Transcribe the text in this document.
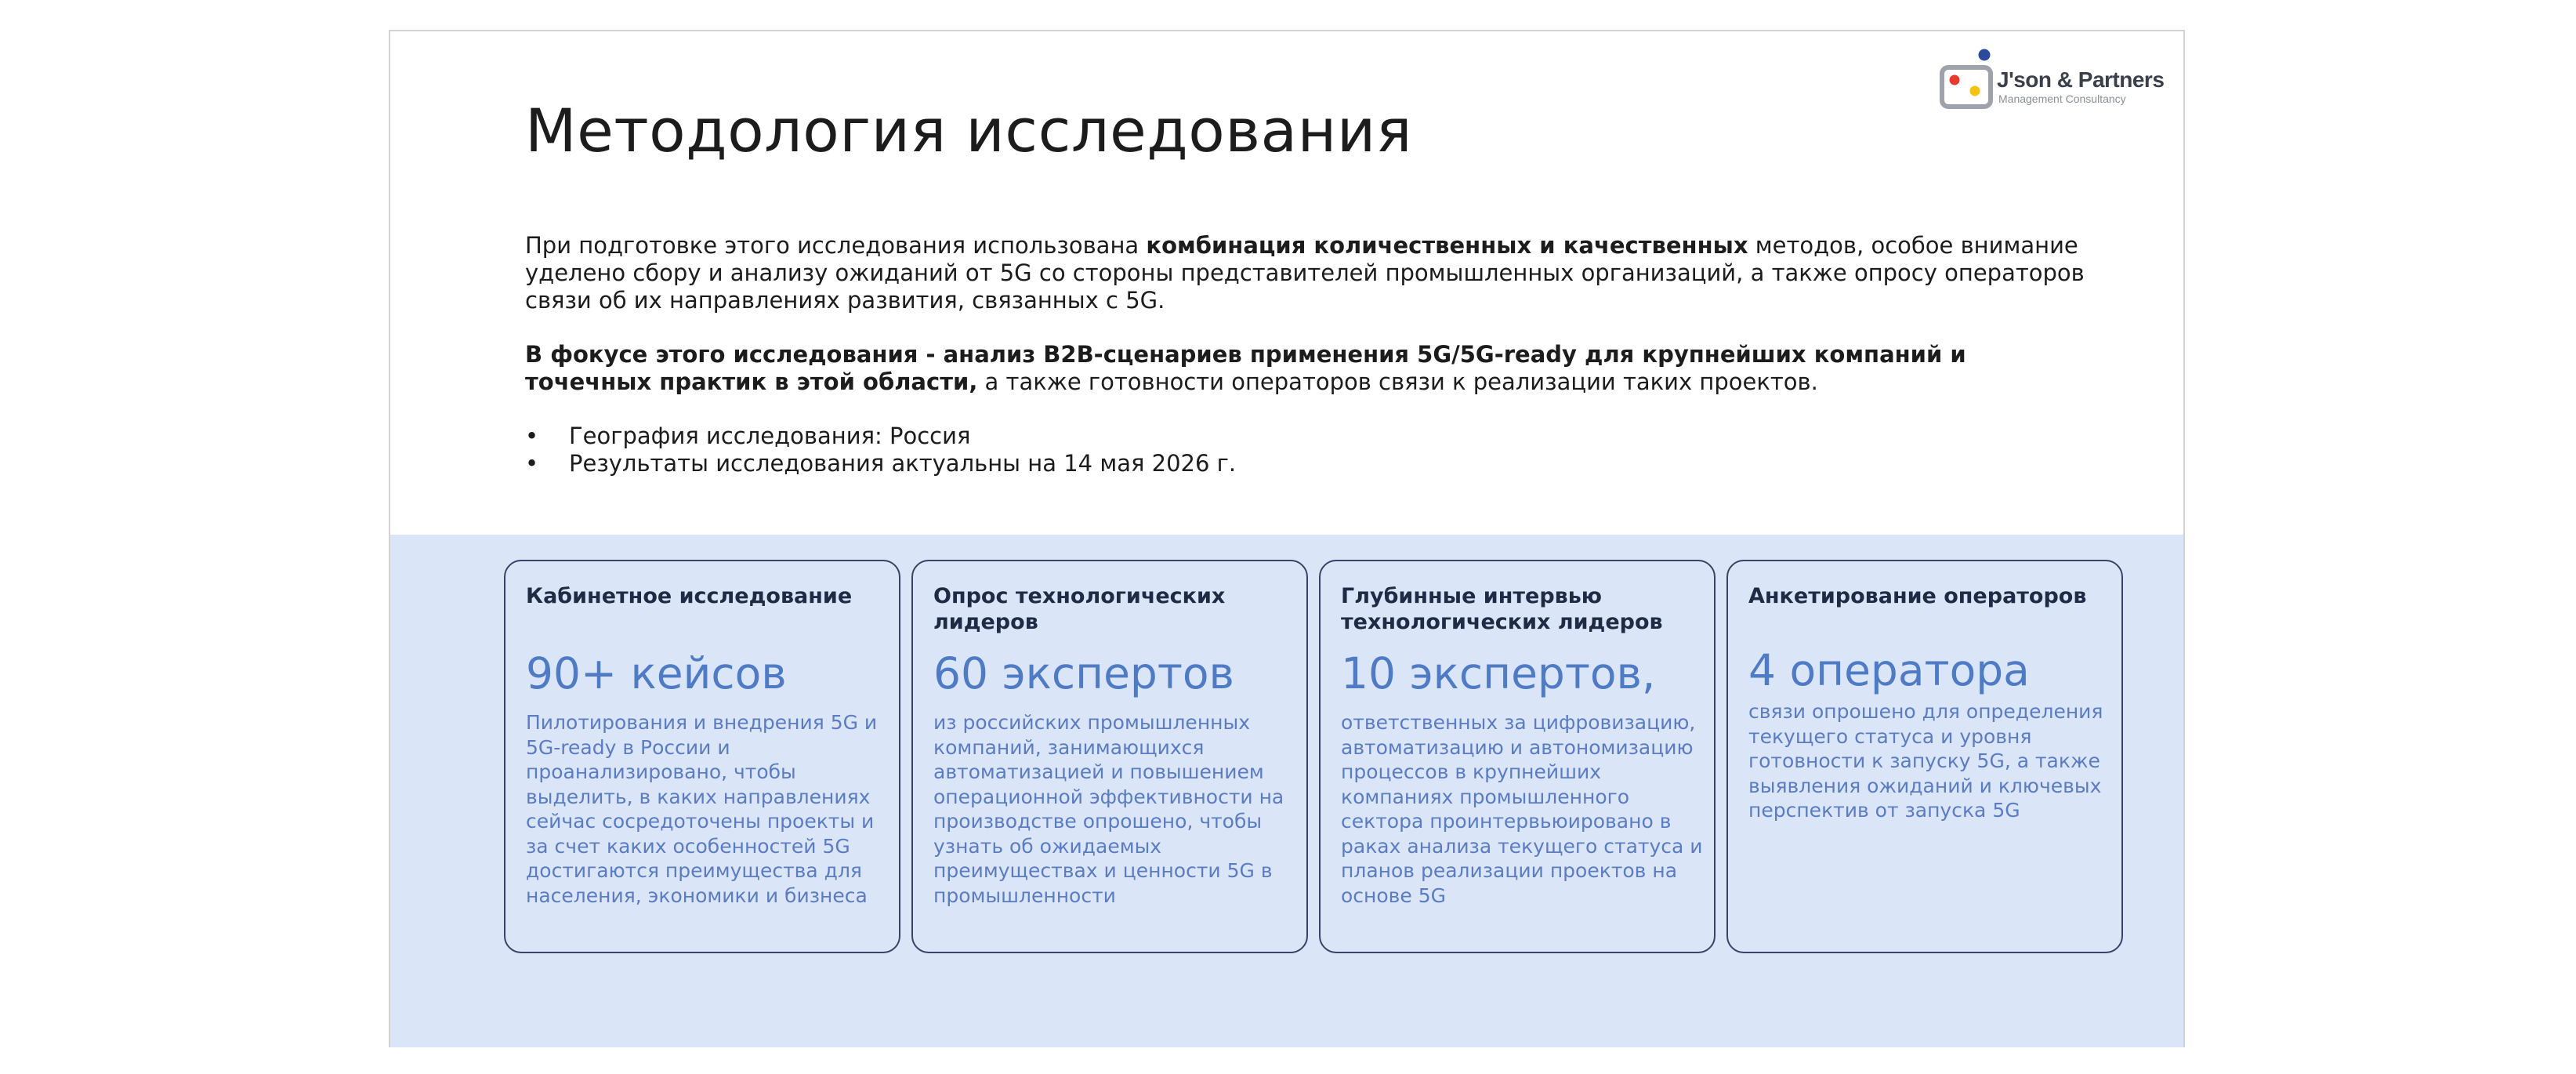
J'son & Partners
Management Consultancy
Методология исследования

При подготовке этого исследования использована комбинация количественных и качественных методов, особое внимание уделено сбору и анализу ожиданий от 5G со стороны представителей промышленных организаций, а также опросу операторов связи об их направлениях развития, связанных с 5G.

В фокусе этого исследования - анализ B2B-сценариев применения 5G/5G-ready для крупнейших компаний и точечных практик в этой области, а также готовности операторов связи к реализации таких проектов.

• География исследования: Россия
• Результаты исследования актуальны на 14 мая 2026 г.
Кабинетное исследование
90+ кейсов
Пилотирования и внедрения 5G и 5G-ready в России и проанализировано, чтобы выделить, в каких направлениях сейчас сосредоточены проекты и за счет каких особенностей 5G достигаются преимущества для населения, экономики и бизнеса
Опрос технологических лидеров
60 экспертов
из российских промышленных компаний, занимающихся автоматизацией и повышением операционной эффективности на производстве опрошено, чтобы узнать об ожидаемых преимуществах и ценности 5G в промышленности
Глубинные интервью технологических лидеров
10 экспертов,
ответственных за цифровизацию, автоматизацию и автономизацию процессов в крупнейших компаниях промышленного сектора проинтервьюировано в раках анализа текущего статуса и планов реализации проектов на основе 5G
Анкетирование операторов
4 оператора
связи опрошено для определения текущего статуса и уровня готовности к запуску 5G, а также выявления ожиданий и ключевых перспектив от запуска 5G
